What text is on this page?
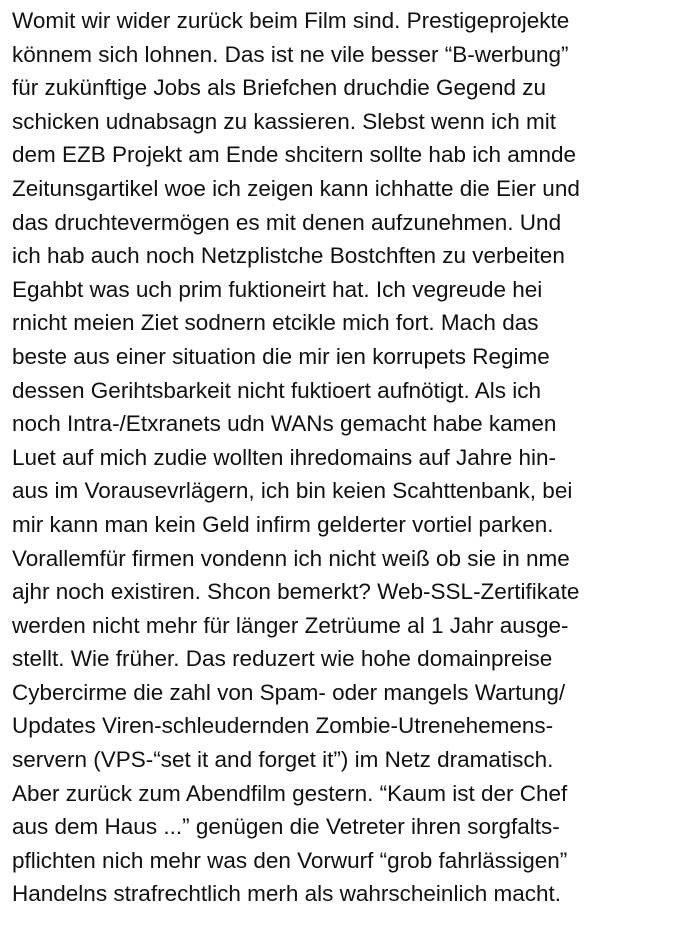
Womit wir wider zurück beim Film sind. Prestigeprojekte
könnem sich lohnen. Das ist ne vile besser “B-werbung”
für zukünftige Jobs als Briefchen druchdie Gegend zu
schicken udnabsagn zu kassieren. Slebst wenn ich mit
dem EZB Projekt am Ende shcitern sollte hab ich amnde
Zeitunsgartikel woe ich zeigen kann ichhatte die Eier und
das druchtevermögen es mit denen aufzunehmen. Und
ich hab auch noch Netzplistche Bostchften zu verbeiten
Egahbt was uch prim fuktioneirt hat. Ich vegreude hei
rnicht meien Ziet sodnern etcikle mich fort. Mach das
beste aus einer situation die mir ien korrupets Regime
dessen Gerihtsbarkeit nicht fuktioert aufnötigt. Als ich
noch Intra-/Etxranets udn WANs gemacht habe kamen
Luet auf mich zudie wollten ihredomains auf Jahre hin-
aus im Vorausevrlägern, ich bin keien Scahttenbank, bei
mir kann man kein Geld infirm gelderter vortiel parken.
Vorallemfür firmen vondenn ich nicht weiß ob sie in nme
ajhr noch existiren. Shcon bemerkt? Web-SSL-Zertifikate
werden nicht mehr für länger Zetrüume al 1 Jahr ausge-
stellt. Wie früher. Das reduzert wie hohe domainpreise
Cybercirme die zahl von Spam- oder mangels Wartung/
Updates Viren-schleudernden Zombie-Utrenehemens-
servern (VPS-“set it and forget it”) im Netz dramatisch.
Aber zurück zum Abendfilm gestern. “Kaum ist der Chef
aus dem Haus ...” genügen die Vetreter ihren sorgfalts-
pflichten nich mehr was den Vorwurf “grob fahrlässigen”
Handelns strafrechtlich merh als wahrscheinlich macht.
